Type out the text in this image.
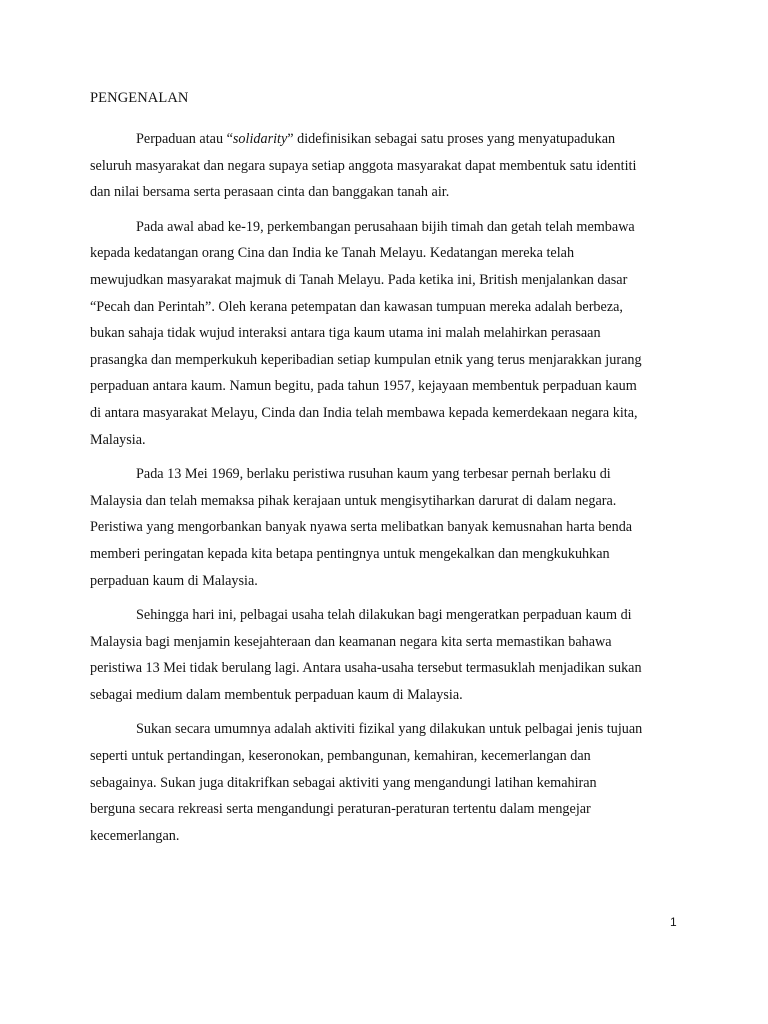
PENGENALAN
Perpaduan atau “solidarity” didefinisikan sebagai satu proses yang menyatupadukan
seluruh masyarakat dan negara supaya setiap anggota masyarakat dapat membentuk satu identiti
dan nilai bersama serta perasaan cinta dan banggakan tanah air.
Pada awal abad ke-19, perkembangan perusahaan bijih timah dan getah telah membawa
kepada kedatangan orang Cina dan India ke Tanah Melayu. Kedatangan mereka telah
mewujudkan masyarakat majmuk di Tanah Melayu. Pada ketika ini, British menjalankan dasar
“Pecah dan Perintah”. Oleh kerana petempatan dan kawasan tumpuan mereka adalah berbeza,
bukan sahaja tidak wujud interaksi antara tiga kaum utama ini malah melahirkan perasaan
prasangka dan memperkukuh keperibadian setiap kumpulan etnik yang terus menjarakkan jurang
perpaduan antara kaum. Namun begitu, pada tahun 1957, kejayaan membentuk perpaduan kaum
di antara masyarakat Melayu, Cinda dan India telah membawa kepada kemerdekaan negara kita,
Malaysia.
Pada 13 Mei 1969, berlaku peristiwa rusuhan kaum yang terbesar pernah berlaku di
Malaysia dan telah memaksa pihak kerajaan untuk mengisytiharkan darurat di dalam negara.
Peristiwa yang mengorbankan banyak nyawa serta melibatkan banyak kemusnahan harta benda
memberi peringatan kepada kita betapa pentingnya untuk mengekalkan dan mengkukuhkan
perpaduan kaum di Malaysia.
Sehingga hari ini, pelbagai usaha telah dilakukan bagi mengeratkan perpaduan kaum di
Malaysia bagi menjamin kesejahteraan dan keamanan negara kita serta memastikan bahawa
peristiwa 13 Mei tidak berulang lagi. Antara usaha-usaha tersebut termasuklah menjadikan sukan
sebagai medium dalam membentuk perpaduan kaum di Malaysia.
Sukan secara umumnya adalah aktiviti fizikal yang dilakukan untuk pelbagai jenis tujuan
seperti untuk pertandingan, keseronokan, pembangunan, kemahiran, kecemerlangan dan
sebagainya. Sukan juga ditakrifkan sebagai aktiviti yang mengandungi latihan kemahiran
berguna secara rekreasi serta mengandungi peraturan-peraturan tertentu dalam mengejar
kecemerlangan.
1
